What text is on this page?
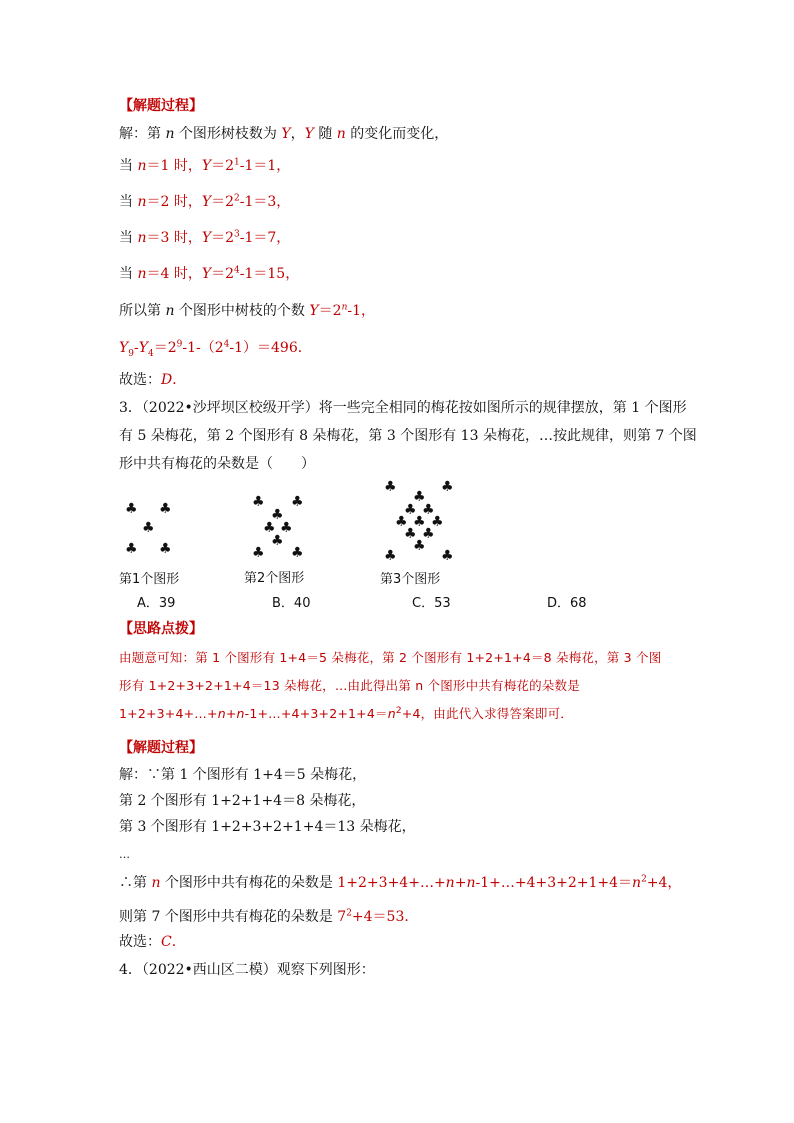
【解题过程】
解：第 n 个图形树枝数为 Y，Y 随 n 的变化而变化，
当 n＝1 时，$Y=2^1-1=1$，
当 n＝2 时，$Y=2^2-1=3$，
当 n＝3 时，$Y=2^3-1=7$，
当 n＝4 时，$Y=2^4-1=15$，
所以第 n 个图形中树枝的个数 $Y=2^n-1$，
$Y_9-Y_4=2^9-1-(2^4-1)=496$．
故选：D．
3．（2022•沙坪坝区校级开学）将一些完全相同的梅花按如图所示的规律摆放，第 1 个图形
有 5 朵梅花，第 2 个图形有 8 朵梅花，第 3 个图形有 13 朵梅花，…按此规律，则第 7 个图
形中共有梅花的朵数是（　　）
♣ ♣
♣
♣ ♣
♣ ♣
♣
♣ ♣
♣
♣ ♣
♣	♣
♣
♣ ♣
♣ ♣ ♣
♣ ♣
♣
♣	♣
第1个图形	第2个图形	第3个图形
A．39	B．40	C．53	D．68
【思路点拨】
由题意可知：第 1 个图形有 1+4＝5 朵梅花，第 2 个图形有 1+2+1+4＝8 朵梅花，第 3 个图
形有 1+2+3+2+1+4＝13 朵梅花，…由此得出第 n 个图形中共有梅花的朵数是
$1+2+3+4+\dots+n+n-1+\dots+4+3+2+1+4=n^2+4$，由此代入求得答案即可．
【解题过程】
解：∵第 1 个图形有 1+4＝5 朵梅花，
第 2 个图形有 1+2+1+4＝8 朵梅花，
第 3 个图形有 1+2+3+2+1+4＝13 朵梅花，
…
∴第 n 个图形中共有梅花的朵数是 $1+2+3+4+\dots+n+n-1+\dots+4+3+2+1+4=n^2+4$，
则第 7 个图形中共有梅花的朵数是 $7^2+4=53$．
故选：C．
4．（2022•西山区二模）观察下列图形：
